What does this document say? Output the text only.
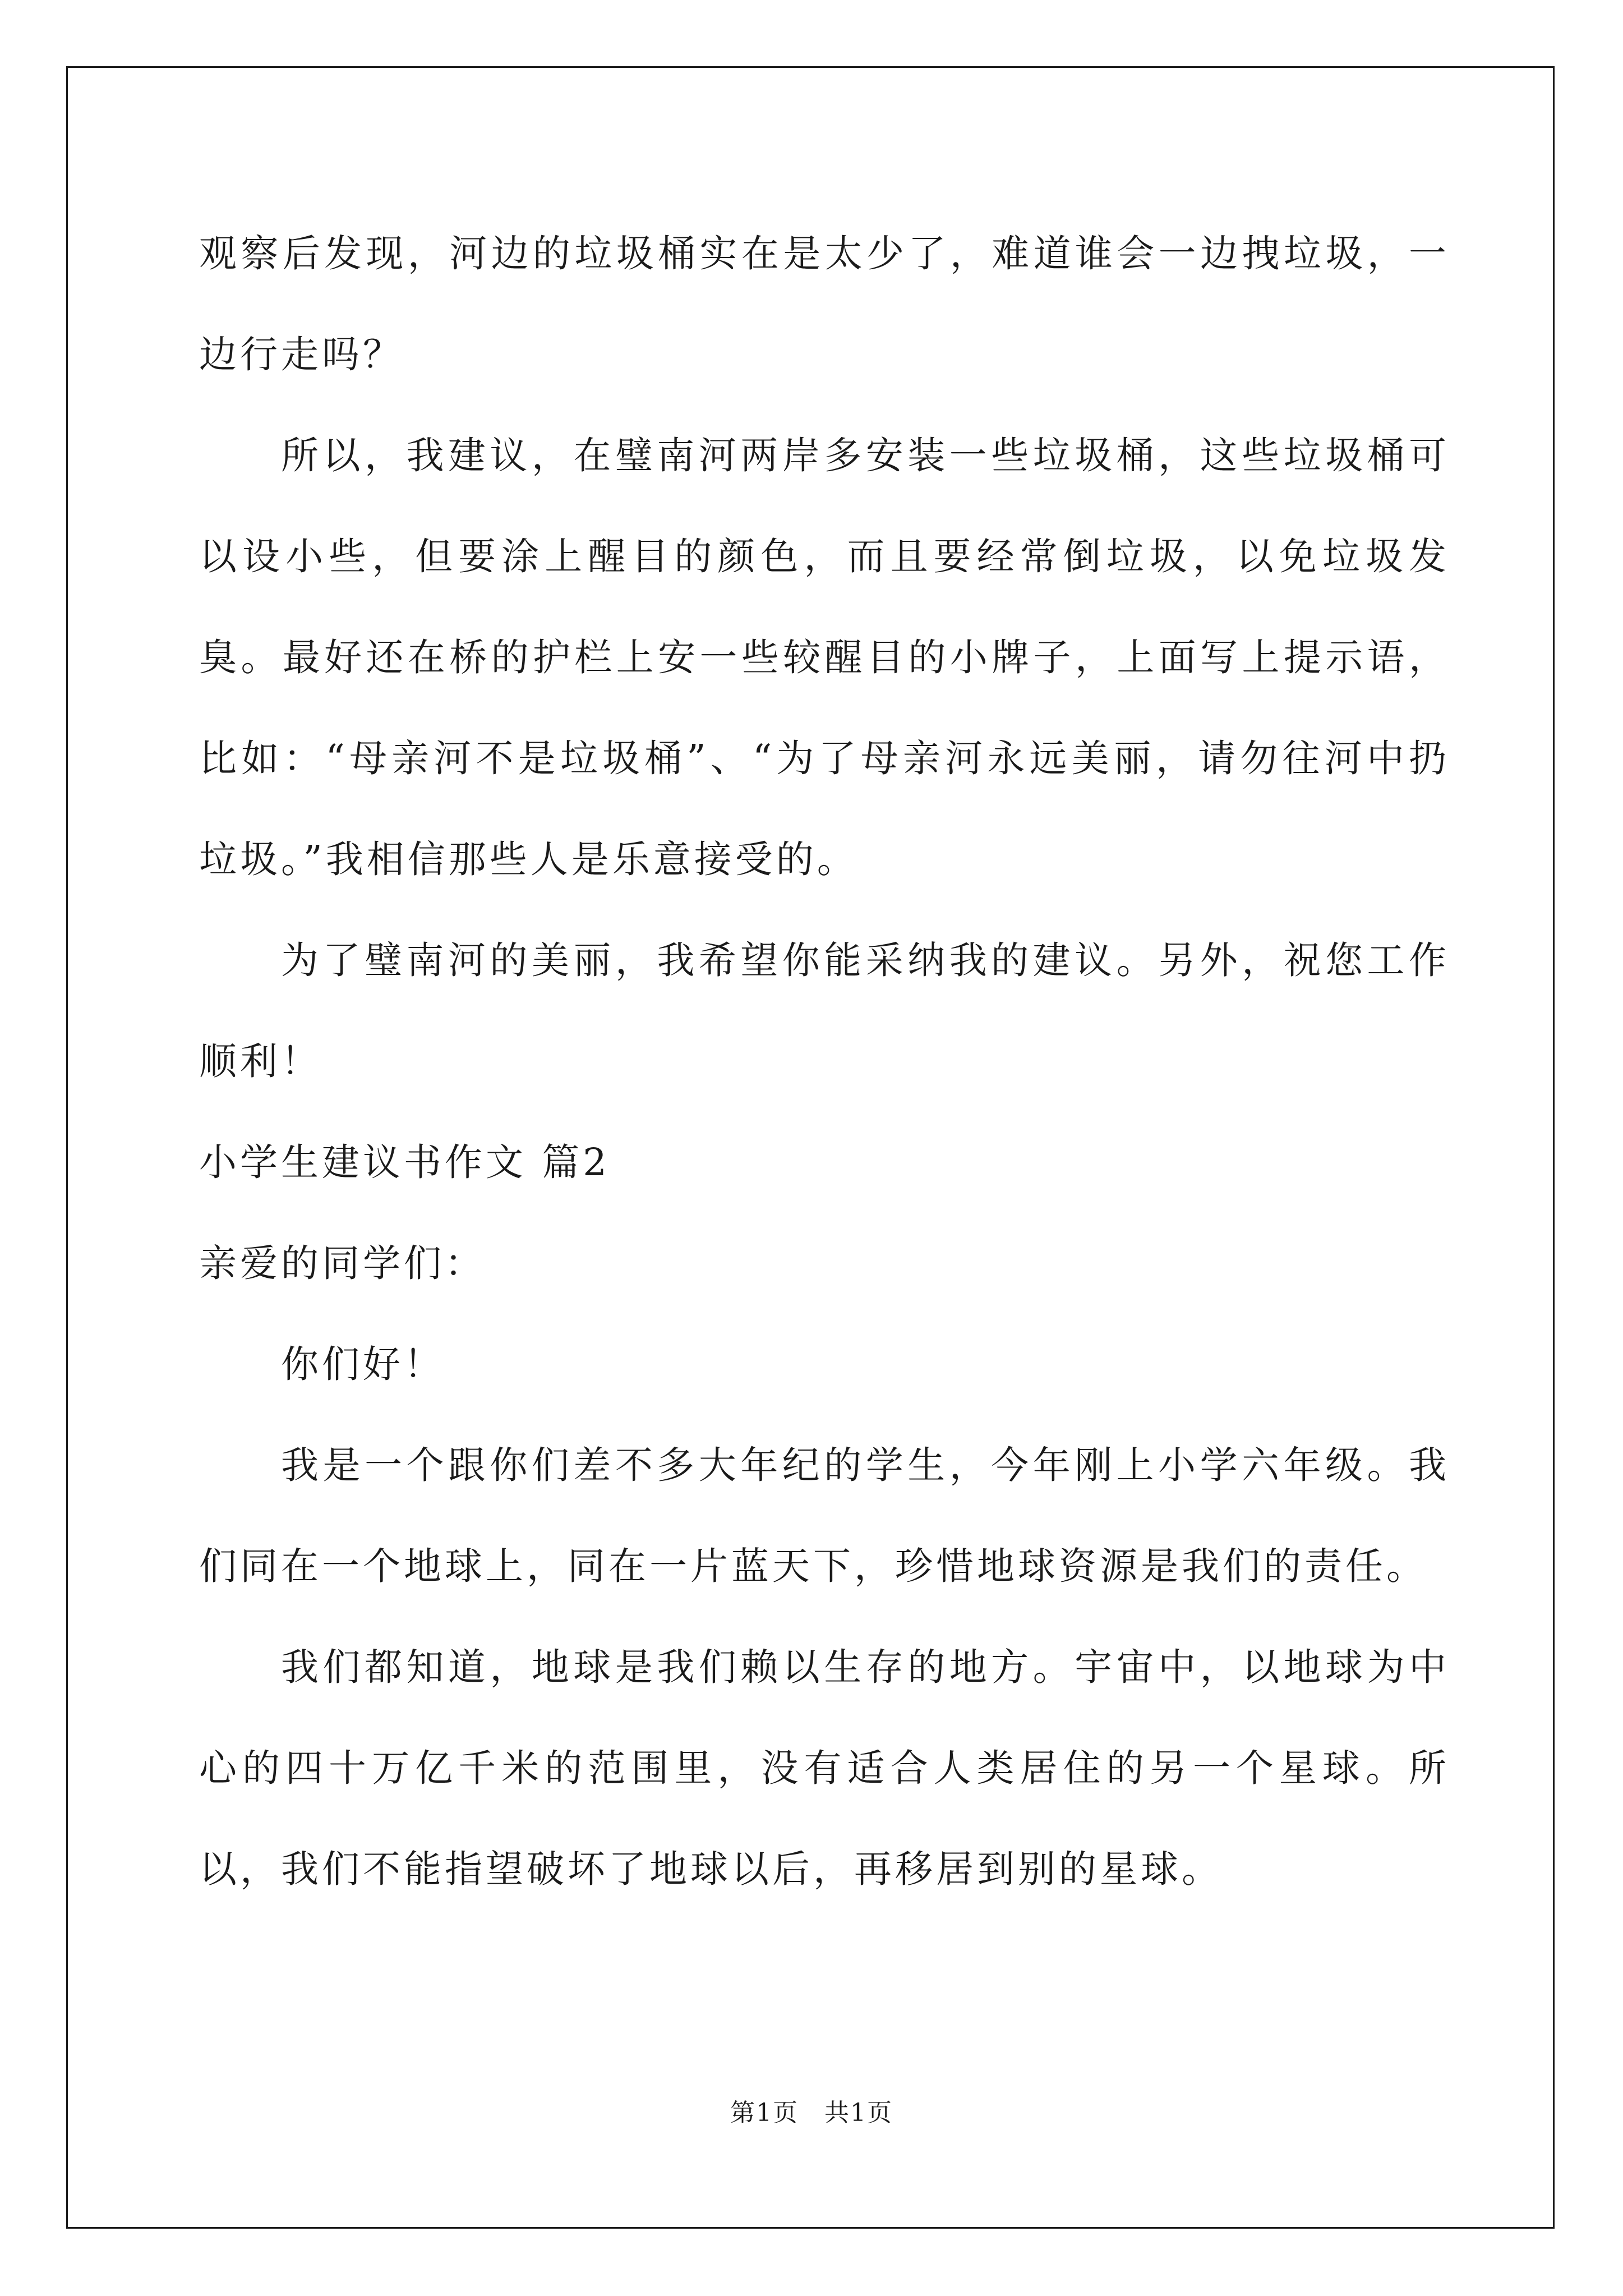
观察后发现，河边的垃圾桶实在是太少了，难道谁会一边拽垃圾，一边行走吗？

所以，我建议，在璧南河两岸多安装一些垃圾桶，这些垃圾桶可以设小些，但要涂上醒目的颜色，而且要经常倒垃圾，以免垃圾发臭。最好还在桥的护栏上安一些较醒目的小牌子，上面写上提示语，比如：“母亲河不是垃圾桶”、“为了母亲河永远美丽，请勿往河中扔垃圾。”我相信那些人是乐意接受的。

为了璧南河的美丽，我希望你能采纳我的建议。另外，祝您工作顺利！

小学生建议书作文 篇2

亲爱的同学们：

你们好！

我是一个跟你们差不多大年纪的学生，今年刚上小学六年级。我们同在一个地球上，同在一片蓝天下，珍惜地球资源是我们的责任。

我们都知道，地球是我们赖以生存的地方。宇宙中，以地球为中心的四十万亿千米的范围里，没有适合人类居住的另一个星球。所以，我们不能指望破坏了地球以后，再移居到别的星球。

第1页　共1页
